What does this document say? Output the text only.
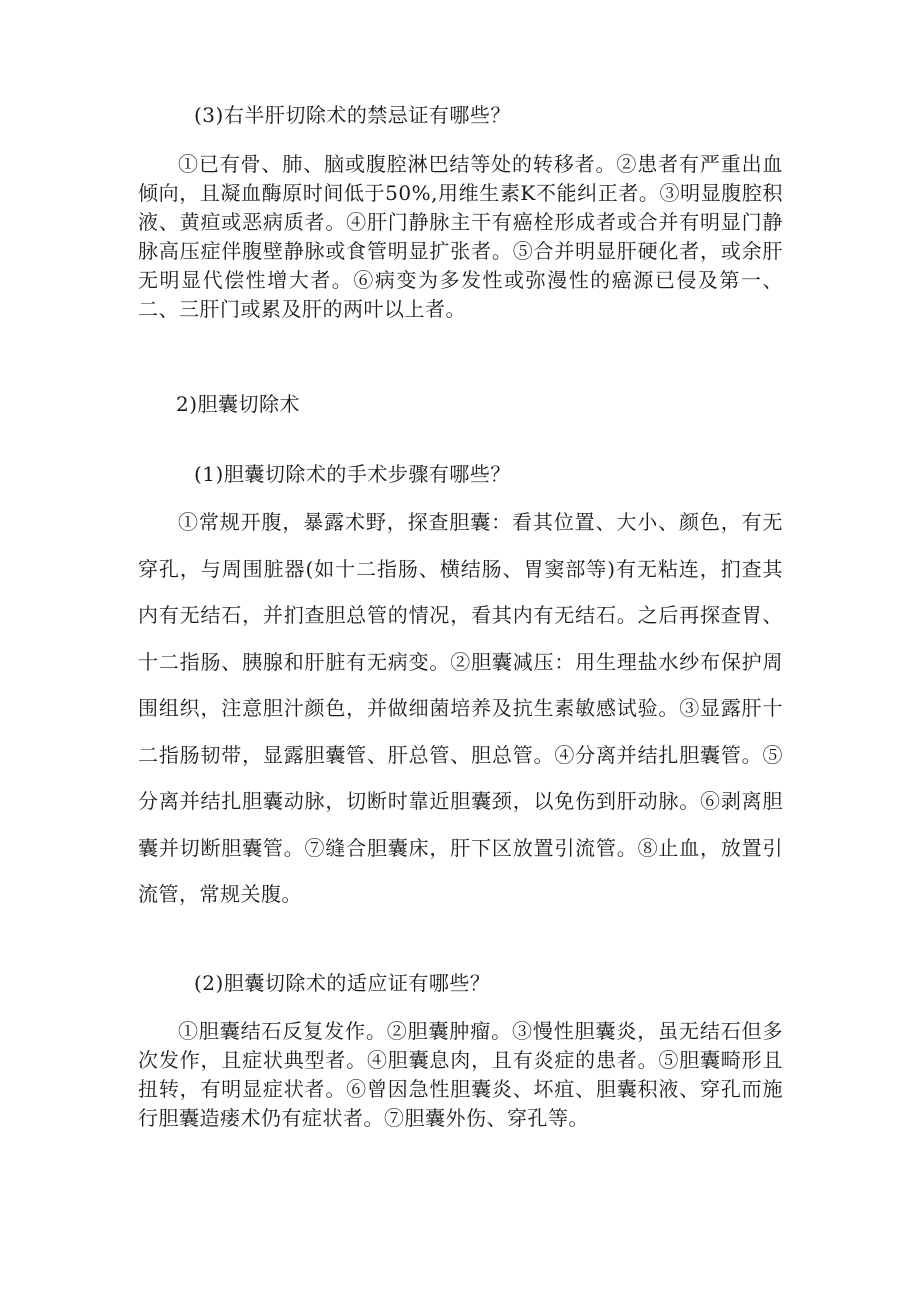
(3)右半肝切除术的禁忌证有哪些？

①已有骨、肺、脑或腹腔淋巴结等处的转移者。②患者有严重出血倾向，且凝血酶原时间低于50%,用维生素K不能纠正者。③明显腹腔积液、黄疸或恶病质者。④肝门静脉主干有癌栓形成者或合并有明显门静脉高压症伴腹壁静脉或食管明显扩张者。⑤合并明显肝硬化者，或余肝无明显代偿性增大者。⑥病变为多发性或弥漫性的癌源已侵及第一、二、三肝门或累及肝的两叶以上者。

2)胆囊切除术

(1)胆囊切除术的手术步骤有哪些？

①常规开腹，暴露术野，探查胆囊：看其位置、大小、颜色，有无穿孔，与周围脏器(如十二指肠、横结肠、胃窦部等)有无粘连，扪查其内有无结石，并扪查胆总管的情况，看其内有无结石。之后再探查胃、十二指肠、胰腺和肝脏有无病变。②胆囊减压：用生理盐水纱布保护周围组织，注意胆汁颜色，并做细菌培养及抗生素敏感试验。③显露肝十二指肠韧带，显露胆囊管、肝总管、胆总管。④分离并结扎胆囊管。⑤分离并结扎胆囊动脉，切断时靠近胆囊颈，以免伤到肝动脉。⑥剥离胆囊并切断胆囊管。⑦缝合胆囊床，肝下区放置引流管。⑧止血，放置引流管，常规关腹。

(2)胆囊切除术的适应证有哪些？

①胆囊结石反复发作。②胆囊肿瘤。③慢性胆囊炎，虽无结石但多次发作，且症状典型者。④胆囊息肉，且有炎症的患者。⑤胆囊畸形且扭转，有明显症状者。⑥曾因急性胆囊炎、坏疽、胆囊积液、穿孔而施行胆囊造瘘术仍有症状者。⑦胆囊外伤、穿孔等。
